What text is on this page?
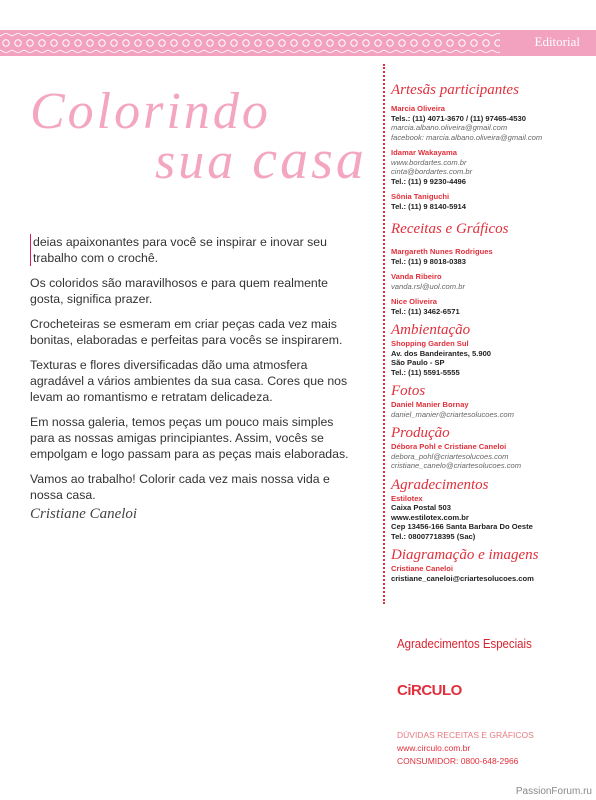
Editorial
Colorindo
sua casa

deias apaixonantes para você se inspirar e inovar seu trabalho com o crochê.

Os coloridos são maravilhosos e para quem realmente gosta, significa prazer.

Crocheteiras se esmeram em criar peças cada vez mais bonitas, elaboradas e perfeitas para vocês se inspirarem.

Texturas e flores diversificadas dão uma atmosfera agradável a vários ambientes da sua casa. Cores que nos levam ao romantismo e retratam delicadeza.

Em nossa galeria, temos peças um pouco mais simples para as nossas amigas principiantes. Assim, vocês se empolgam e logo passam para as peças mais elaboradas.

Vamos ao trabalho! Colorir cada vez mais nossa vida e nossa casa.

Cristiane Caneloi
Artesãs participantes
Marcia Oliveira
Tels.: (11) 4071-3670 / (11) 97465-4530
marcia.albano.oliveira@gmail.com
facebook: marcia.albano.oliveira@gmail.com
Idamar Wakayama
www.bordartes.com.br
cinta@bordartes.com.br
Tel.: (11) 9 9230-4496
Sônia Taniguchi
Tel.: (11) 9 8140-5914
Receitas e Gráficos
Margareth Nunes Rodrigues
Tel.: (11) 9 8018-0383
Vanda Ribeiro
vanda.rsl@uol.com.br
Nice Oliveira
Tel.: (11) 3462-6571
Ambientação
Shopping Garden Sul
Av. dos Bandeirantes, 5.900
São Paulo - SP
Tel.: (11) 5591-5555
Fotos
Daniel Manier Bornay
daniel_manier@criartesolucoes.com
Produção
Débora Pohl e Cristiane Caneloi
debora_pohl@criartesolucoes.com
cristiane_canelo@criartesolucoes.com
Agradecimentos
Estilotex
Caixa Postal 503
www.estilotex.com.br
Cep 13456-166 Santa Barbara Do Oeste
Tel.: 08007718395 (Sac)
Diagramação e imagens
Cristiane Caneloi
cristiane_caneloi@criartesolucoes.com
Agradecimentos Especiais
CiRCULO
DÚVIDAS RECEITAS E GRÁFICOS
www.circulo.com.br
CONSUMIDOR: 0800-648-2966
PassionForum.ru
